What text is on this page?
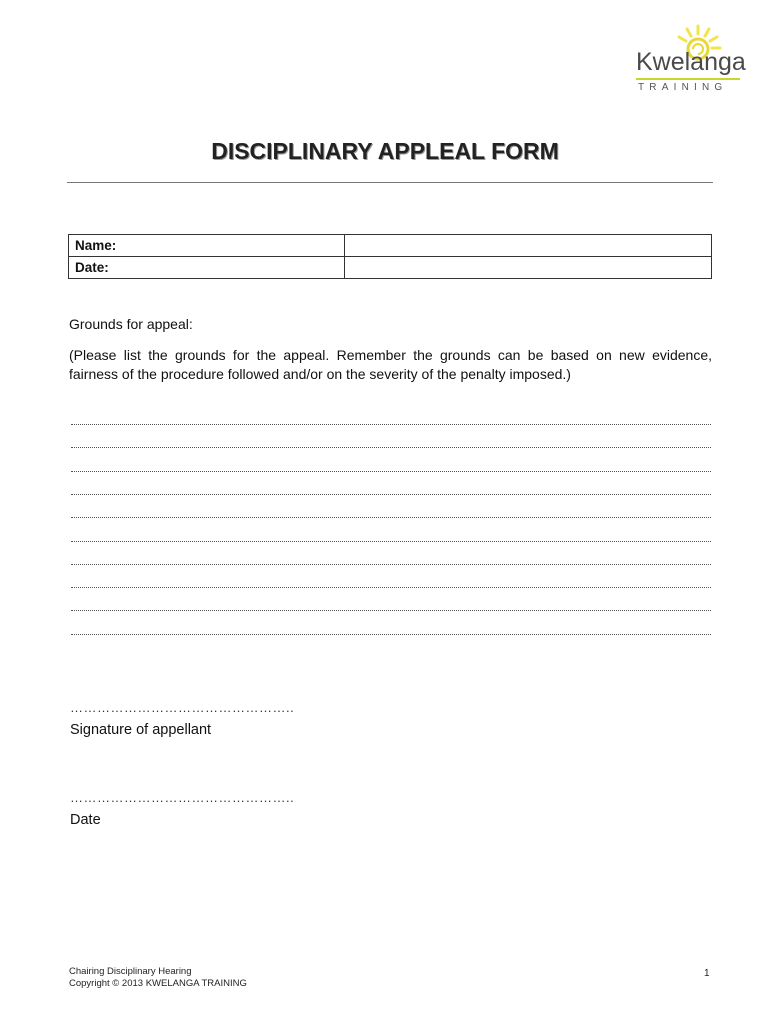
Kwelanga
TRAINING
DISCIPLINARY APPLEAL FORM
Name:	
Date:	
Grounds for appeal:
(Please list the grounds for the appeal. Remember the grounds can be based on new evidence, fairness of the procedure followed and/or on the severity of the penalty imposed.)
…………………………………………..
Signature of appellant
…………………………………………..
Date
Chairing Disciplinary Hearing
Copyright © 2013 KWELANGA TRAINING
1
